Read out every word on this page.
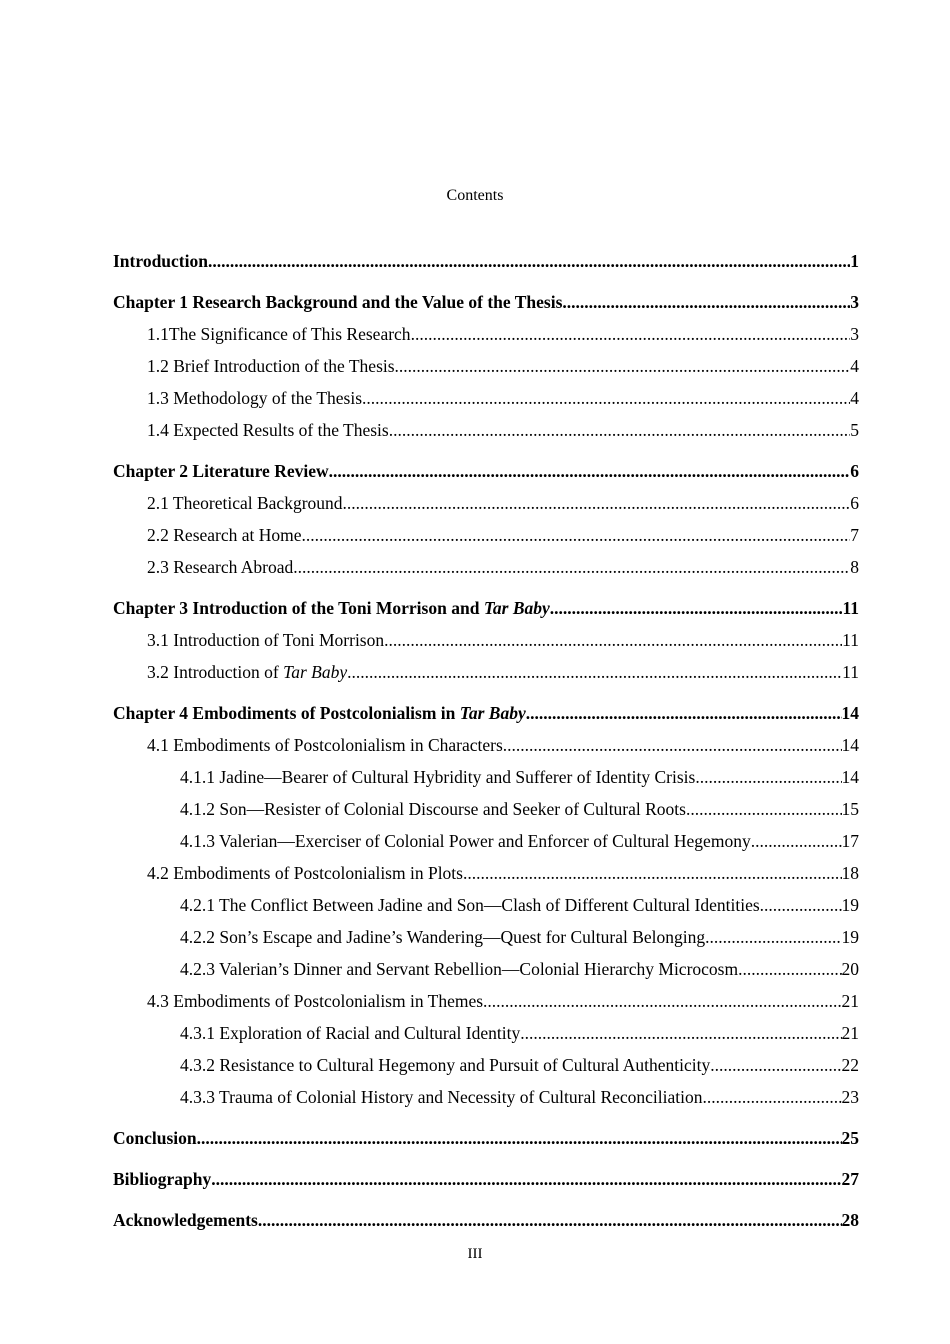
Contents
Introduction .....	1
Chapter 1 Research Background and the Value of the Thesis .....	3
1.1The Significance of This Research .....	3
1.2 Brief Introduction of the Thesis .....	4
1.3 Methodology of the Thesis .....	4
1.4 Expected Results of the Thesis .....	5
Chapter 2 Literature Review .....	6
2.1 Theoretical Background .....	6
2.2 Research at Home .....	7
2.3 Research Abroad .....	8
Chapter 3 Introduction of the Toni Morrison and Tar Baby .....	11
3.1 Introduction of Toni Morrison .....	11
3.2 Introduction of Tar Baby .....	11
Chapter 4 Embodiments of Postcolonialism in Tar Baby .....	14
4.1 Embodiments of Postcolonialism in Characters .....	14
4.1.1 Jadine—Bearer of Cultural Hybridity and Sufferer of Identity Crisis .....	14
4.1.2 Son—Resister of Colonial Discourse and Seeker of Cultural Roots .....	15
4.1.3 Valerian—Exerciser of Colonial Power and Enforcer of Cultural Hegemony .....	17
4.2 Embodiments of Postcolonialism in Plots .....	18
4.2.1 The Conflict Between Jadine and Son—Clash of Different Cultural Identities .....	19
4.2.2 Son’s Escape and Jadine’s Wandering—Quest for Cultural Belonging .....	19
4.2.3 Valerian’s Dinner and Servant Rebellion—Colonial Hierarchy Microcosm .....	20
4.3 Embodiments of Postcolonialism in Themes .....	21
4.3.1 Exploration of Racial and Cultural Identity .....	21
4.3.2 Resistance to Cultural Hegemony and Pursuit of Cultural Authenticity .....	22
4.3.3 Trauma of Colonial History and Necessity of Cultural Reconciliation .....	23
Conclusion .....	25
Bibliography .....	27
Acknowledgements .....	28
III
